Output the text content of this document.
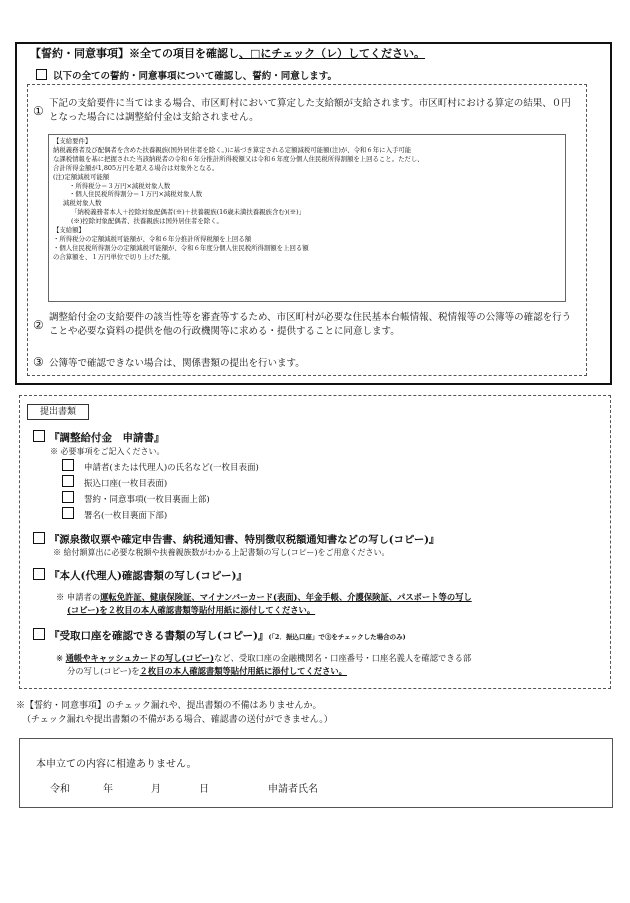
【誓約・同意事項】※全ての項目を確認し、□にチェック（レ）してください。
以下の全ての誓約・同意事項について確認し、誓約・同意します。
①
下記の支給要件に当てはまる場合、市区町村において算定した支給額が支給されます。市区町村における算定の結果、０円となった場合には調整給付金は支給されません。
【支給要件】
納税義務者及び配偶者を含めた扶養親族(国外居住者を除く。)に基づき算定される定額減税可能額(注)が、令和６年に入手可能
な課税情報を基に把握された当該納税者の令和６年分推計所得税額又は令和６年度分個人住民税所得割額を上回ること。ただし、
合計所得金額が1,805万円を超える場合は対象外となる。
(注)定額減税可能額
・所得税分＝３万円×減税対象人数
・個人住民税所得割分＝１万円×減税対象人数
減税対象人数
「納税義務者本人＋控除対象配偶者(※)＋扶養親族(16歳未満扶養親族含む)(※)」
(※)控除対象配偶者、扶養親族は国外居住者を除く。
【支給額】
・所得税分の定額減税可能額が、令和６年分推計所得税額を上回る額
・個人住民税所得割分の定額減税可能額が、令和６年度分個人住民税所得割額を上回る額
の合算額を、１万円単位で切り上げた額。
②
調整給付金の支給要件の該当性等を審査等するため、市区町村が必要な住民基本台帳情報、税情報等の公簿等の確認を行うことや必要な資料の提供を他の行政機関等に求める・提供することに同意します。
③ 公簿等で確認できない場合は、関係書類の提出を行います。
提出書類
『調整給付金　申請書』
※ 必要事項をご記入ください。
申請者(または代理人)の氏名など(一枚目表面)
振込口座(一枚目表面)
誓約・同意事項(一枚目裏面上部)
署名(一枚目裏面下部)
『源泉徴収票や確定申告書、納税通知書、特別徴収税額通知書などの写し(コピー)』
※ 給付額算出に必要な税額や扶養親族数がわかる上記書類の写し(コピー)をご用意ください。
『本人(代理人)確認書類の写し(コピー)』
※ 申請者の運転免許証、健康保険証、マイナンバーカード(表面)、年金手帳、介護保険証、パスポート等の写し
(コピー)を２枚目の本人確認書類等貼付用紙に添付してください。
『受取口座を確認できる書類の写し(コピー)』(「2．振込口座」で③をチェックした場合のみ)
※ 通帳やキャッシュカードの写し(コピー)など、受取口座の金融機関名・口座番号・口座名義人を確認できる部
分の写し(コピー)を２枚目の本人確認書類等貼付用紙に添付してください。
※【誓約・同意事項】のチェック漏れや、提出書類の不備はありませんか。
（チェック漏れや提出書類の不備がある場合、確認書の送付ができません。）
本申立ての内容に相違ありません。
令和	年	月	日	申請者氏名
